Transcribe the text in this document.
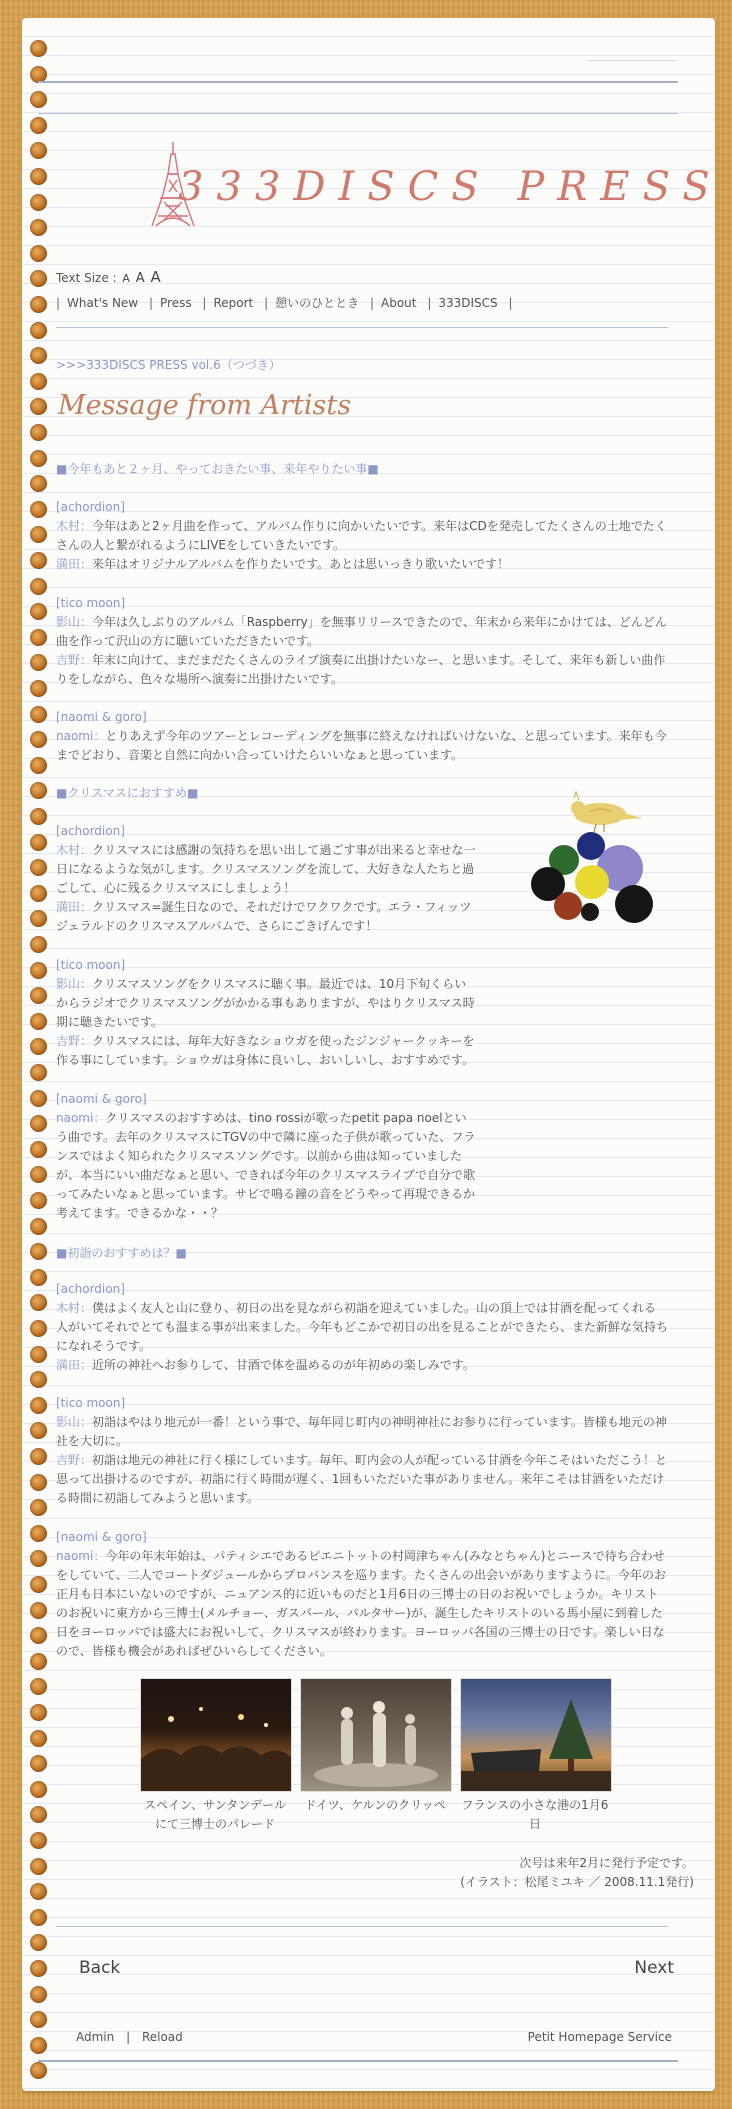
333DISCS PRESS
Text Size : A A A
| What's New | Press | Report | 憩いのひととき | About | 333DISCS |
>>>333DISCS PRESS vol.6（つづき）
Message from Artists
■今年もあと２ヶ月、やっておきたい事、来年やりたい事■
[achordion]

木村：今年はあと2ヶ月曲を作って、アルバム作りに向かいたいです。来年はCDを発売してたくさんの土地でたくさんの人と繋がれるようにLIVEをしていきたいです。

満田：来年はオリジナルアルバムを作りたいです。あとは思いっきり歌いたいです！

[tico moon]

影山：今年は久しぶりのアルバム「Raspberry」を無事リリースできたので、年末から来年にかけては、どんどん曲を作って沢山の方に聴いていただきたいです。

吉野：年末に向けて、まだまだたくさんのライブ演奏に出掛けたいなー、と思います。そして、来年も新しい曲作りをしながら、色々な場所へ演奏に出掛けたいです。

[naomi & goro]

naomi：とりあえず今年のツアーとレコーディングを無事に終えなければいけないな、と思っています。来年も今までどおり、音楽と自然に向かい合っていけたらいいなぁと思っています。

■クリスマスにおすすめ■
[achordion]

木村：クリスマスには感謝の気持ちを思い出して過ごす事が出来ると幸せな一日になるような気がします。クリスマスソングを流して、大好きな人たちと過ごして、心に残るクリスマスにしましょう！

満田：クリスマス=誕生日なので、それだけでワクワクです。エラ・フィッツジェラルドのクリスマスアルバムで、さらにごきげんです！

[tico moon]

影山：クリスマスソングをクリスマスに聴く事。最近では、10月下旬くらいからラジオでクリスマスソングがかかる事もありますが、やはりクリスマス時期に聴きたいです。

吉野：クリスマスには、毎年大好きなショウガを使ったジンジャークッキーを作る事にしています。ショウガは身体に良いし、おいしいし、おすすめです。

[naomi & goro]

naomi：クリスマスのおすすめは、tino rossiが歌ったpetit papa noelという曲です。去年のクリスマスにTGVの中で隣に座った子供が歌っていた、フランスではよく知られたクリスマスソングです。以前から曲は知っていましたが、本当にいい曲だなぁと思い、できれば今年のクリスマスライブで自分で歌ってみたいなぁと思っています。サビで鳴る鐘の音をどうやって再現できるか考えてます。できるかな・・？

■初詣のおすすめは？■
[achordion]

木村：僕はよく友人と山に登り、初日の出を見ながら初詣を迎えていました。山の頂上では甘酒を配ってくれる人がいてそれでとても温まる事が出来ました。今年もどこかで初日の出を見ることができたら、また新鮮な気持ちになれそうです。

満田：近所の神社へお参りして、甘酒で体を温めるのが年初めの楽しみです。

[tico moon]

影山：初詣はやはり地元が一番！という事で、毎年同じ町内の神明神社にお参りに行っています。皆様も地元の神社を大切に。

吉野：初詣は地元の神社に行く様にしています。毎年、町内会の人が配っている甘酒を今年こそはいただこう！と思って出掛けるのですが、初詣に行く時間が遅く、1回もいただいた事がありません。来年こそは甘酒をいただける時間に初詣してみようと思います。

[naomi & goro]

naomi：今年の年末年始は、パティシエであるピエニトットの村岡津ちゃん(みなとちゃん)とニースで待ち合わせをしていて、二人でコートダジュールからプロバンスを巡ります。たくさんの出会いがありますように。今年のお正月も日本にいないのですが、ニュアンス的に近いものだと1月6日の三博士の日のお祝いでしょうか。キリストのお祝いに東方から三博士(メルチョー、ガスパール、バルタサー)が、誕生したキリストのいる馬小屋に到着した日をヨーロッパでは盛大にお祝いして、クリスマスが終わります。ヨーロッパ各国の三博士の日です。楽しい日なので、皆様も機会があればぜひいらしてください。

スペイン、サンタンデールにて三博士のパレード
ドイツ、ケルンのクリッペ	フランスの小さな港の1月6日
次号は来年2月に発行予定です。
(イラスト：松尾ミユキ ／ 2008.11.1発行)
Back	Next
Admin | Reload	Petit Homepage Service
